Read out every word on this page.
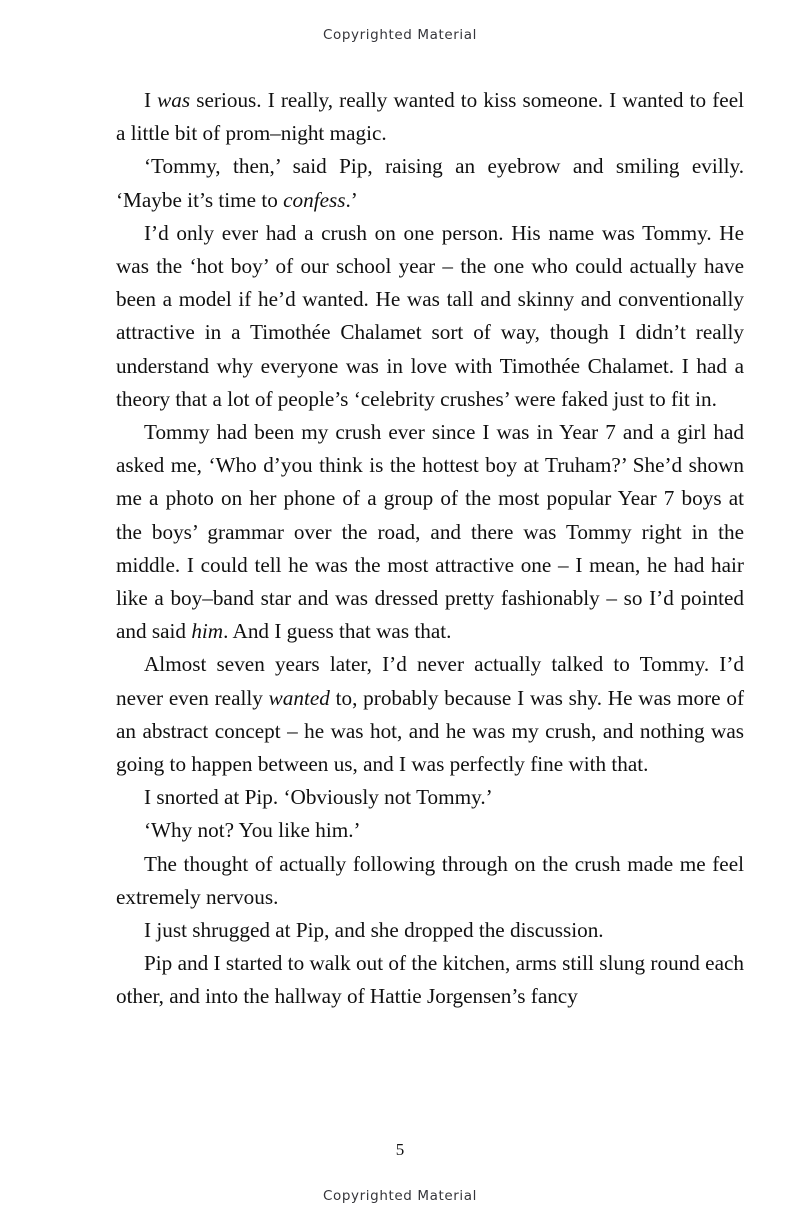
Copyrighted Material

I was serious. I really, really wanted to kiss someone. I wanted to feel a little bit of prom–night magic.

‘Tommy, then,’ said Pip, raising an eyebrow and smiling evilly. ‘Maybe it’s time to confess.’

I’d only ever had a crush on one person. His name was Tommy. He was the ‘hot boy’ of our school year – the one who could actually have been a model if he’d wanted. He was tall and skinny and conventionally attractive in a Timothée Chalamet sort of way, though I didn’t really understand why everyone was in love with Timothée Chalamet. I had a theory that a lot of people’s ‘celebrity crushes’ were faked just to fit in.

Tommy had been my crush ever since I was in Year 7 and a girl had asked me, ‘Who d’you think is the hottest boy at Truham?’ She’d shown me a photo on her phone of a group of the most popular Year 7 boys at the boys’ grammar over the road, and there was Tommy right in the middle. I could tell he was the most attractive one – I mean, he had hair like a boy–band star and was dressed pretty fashionably – so I’d pointed and said him. And I guess that was that.

Almost seven years later, I’d never actually talked to Tommy. I’d never even really wanted to, probably because I was shy. He was more of an abstract concept – he was hot, and he was my crush, and nothing was going to happen between us, and I was perfectly fine with that.

I snorted at Pip. ‘Obviously not Tommy.’

‘Why not? You like him.’

The thought of actually following through on the crush made me feel extremely nervous.

I just shrugged at Pip, and she dropped the discussion.

Pip and I started to walk out of the kitchen, arms still slung round each other, and into the hallway of Hattie Jorgensen’s fancy

5
Copyrighted Material
